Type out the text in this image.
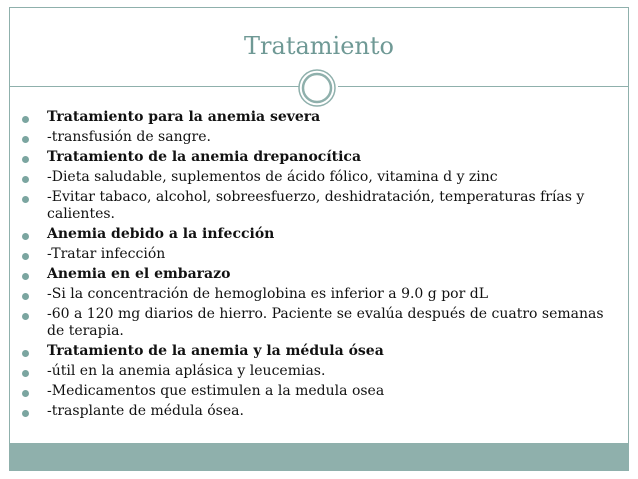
Tratamiento
Tratamiento para la anemia severa
-transfusión de sangre.
Tratamiento de la anemia drepanocítica
-Dieta saludable, suplementos de ácido fólico, vitamina d y zinc
-Evitar tabaco, alcohol, sobreesfuerzo, deshidratación, temperaturas frías y calientes.
Anemia debido a la infección
-Tratar infección
Anemia en el embarazo
-Si la concentración de hemoglobina es inferior a 9.0 g por dL
-60 a 120 mg diarios de hierro. Paciente se evalúa después de cuatro semanas de terapia.
Tratamiento de la anemia y la médula ósea
-útil en la anemia aplásica y leucemias.
-Medicamentos que estimulen a la medula osea
-trasplante de médula ósea.
